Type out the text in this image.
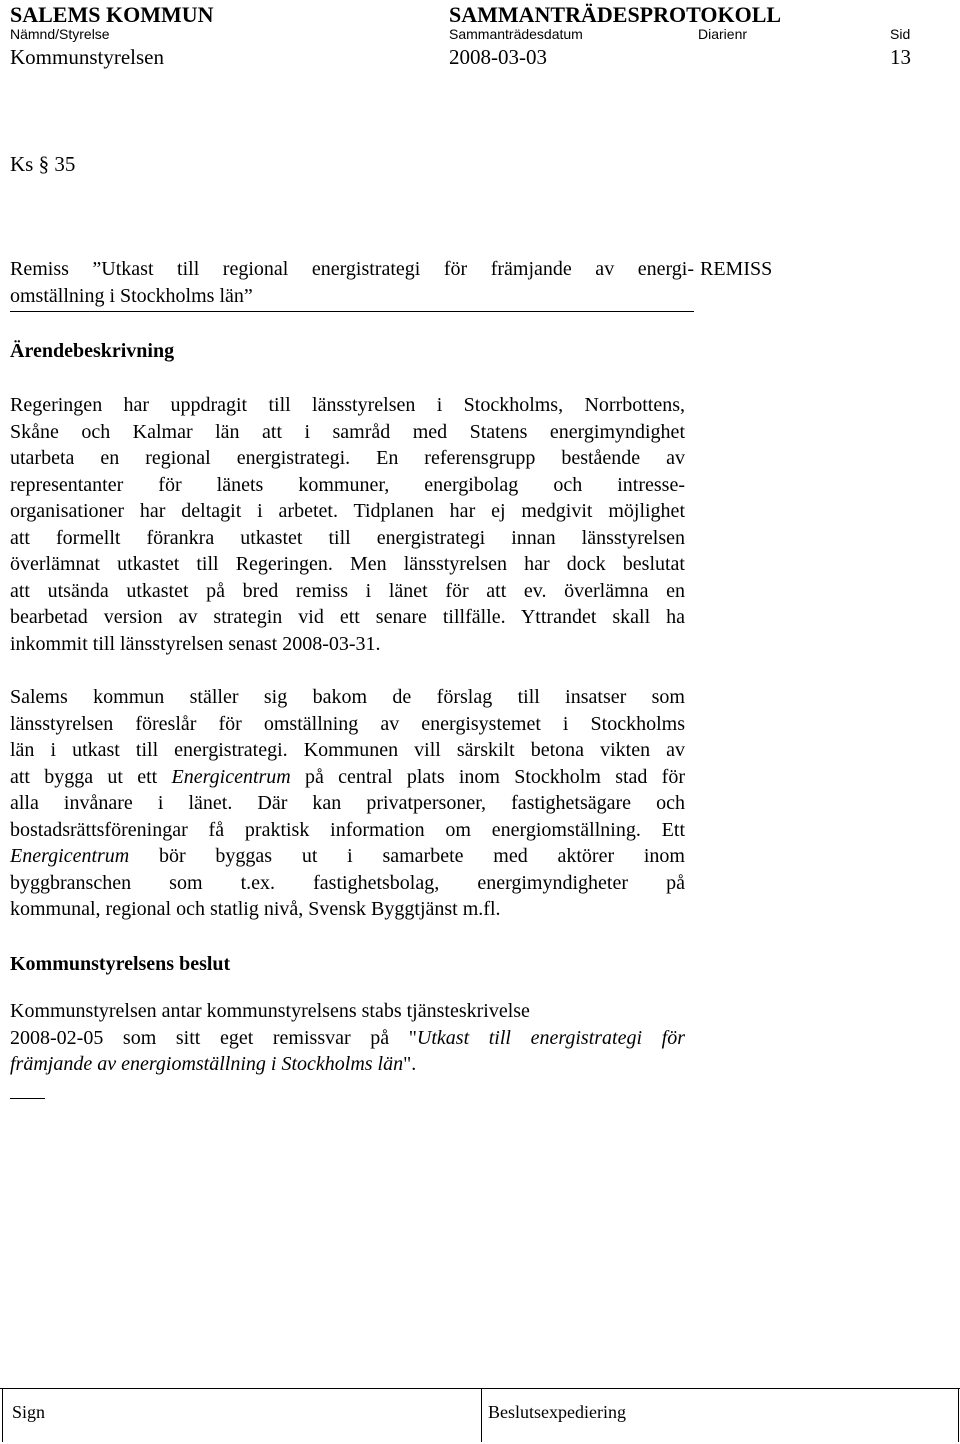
SALEMS KOMMUN	SAMMANTRÄDESPROTOKOLL
Nämnd/Styrelse	Sammanträdesdatum	Diarienr	Sid
Kommunstyrelsen	2008-03-03	13
Ks § 35
Remiss ”Utkast till regional energistrategi för främjande av energi-
omställning i Stockholms län”
REMISS
Ärendebeskrivning
Regeringen har uppdragit till länsstyrelsen i Stockholms, Norrbottens,
Skåne och Kalmar län att i samråd med Statens energimyndighet
utarbeta en regional energistrategi. En referensgrupp bestående av
representanter för länets kommuner, energibolag och intresse-
organisationer har deltagit i arbetet. Tidplanen har ej medgivit möjlighet
att formellt förankra utkastet till energistrategi innan länsstyrelsen
överlämnat utkastet till Regeringen. Men länsstyrelsen har dock beslutat
att utsända utkastet på bred remiss i länet för att ev. överlämna en
bearbetad version av strategin vid ett senare tillfälle. Yttrandet skall ha
inkommit till länsstyrelsen senast 2008-03-31.
Salems kommun ställer sig bakom de förslag till insatser som
länsstyrelsen föreslår för omställning av energisystemet i Stockholms
län i utkast till energistrategi. Kommunen vill särskilt betona vikten av
att bygga ut ett Energicentrum på central plats inom Stockholm stad för
alla invånare i länet. Där kan privatpersoner, fastighetsägare och
bostadsrättsföreningar få praktisk information om energiomställning. Ett
Energicentrum bör byggas ut i samarbete med aktörer inom
byggbranschen som t.ex. fastighetsbolag, energimyndigheter på
kommunal, regional och statlig nivå, Svensk Byggtjänst m.fl.
Kommunstyrelsens beslut
Kommunstyrelsen antar kommunstyrelsens stabs tjänsteskrivelse
2008-02-05 som sitt eget remissvar på "Utkast till energistrategi för
främjande av energiomställning i Stockholms län".
Sign	Beslutsexpediering
